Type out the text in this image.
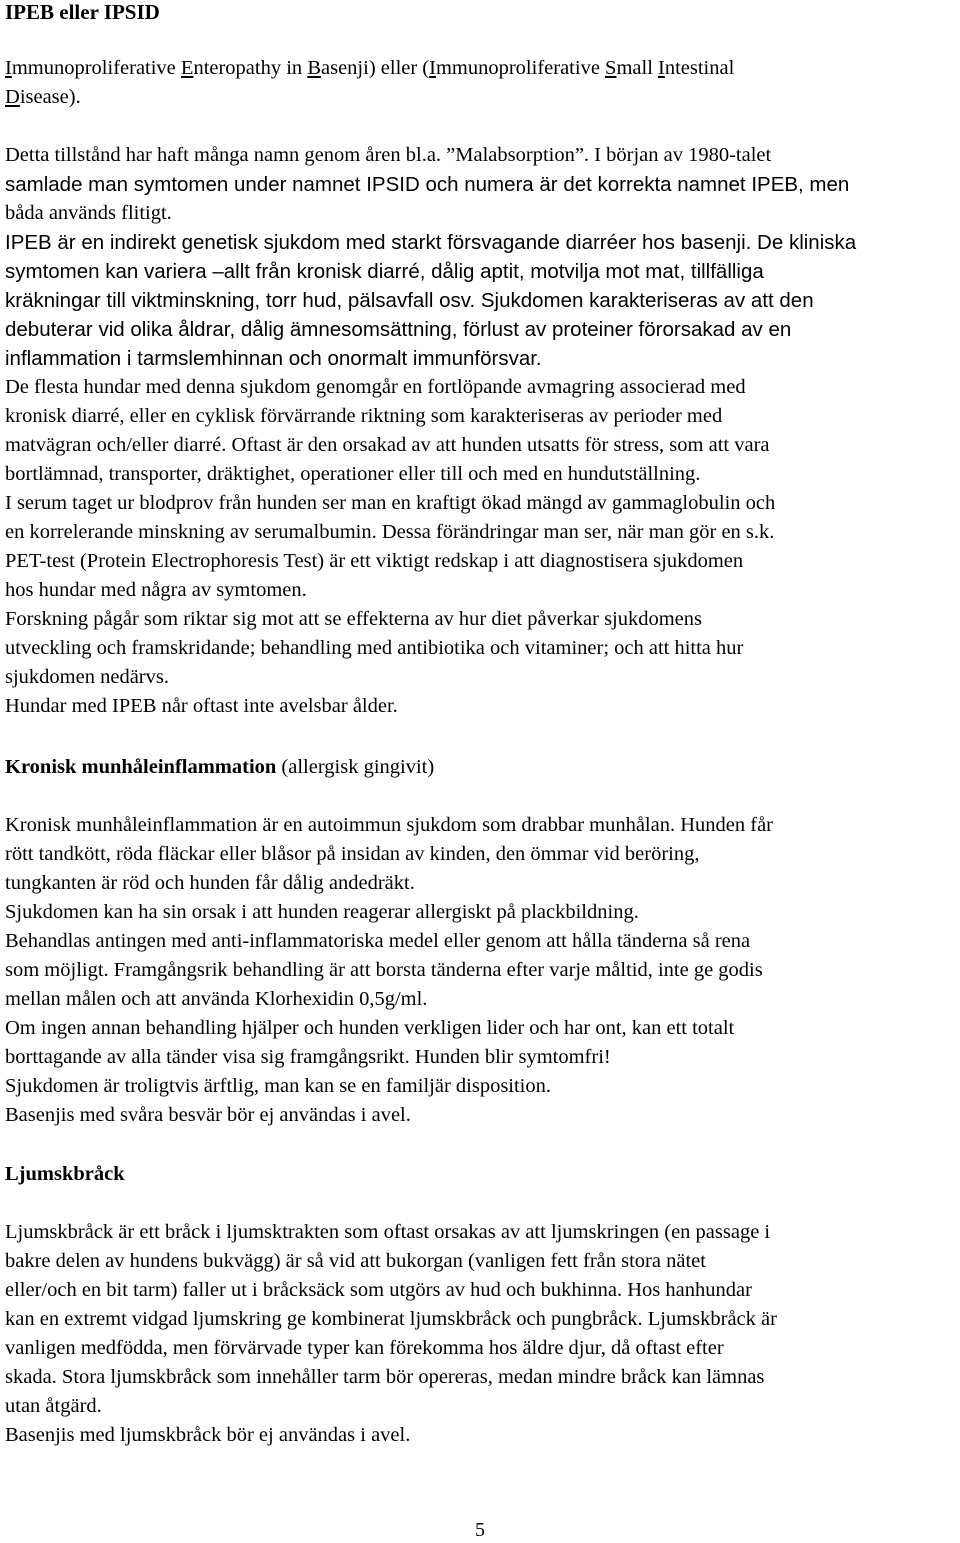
IPEB eller IPSID
Immunoproliferative Enteropathy in Basenji) eller (Immunoproliferative Small Intestinal
Disease).
Detta tillstånd har haft många namn genom åren bl.a. ”Malabsorption”. I början av 1980-talet
samlade man symtomen under namnet IPSID och numera är det korrekta namnet IPEB, men
båda används flitigt.
IPEB är en indirekt genetisk sjukdom med starkt försvagande diarréer hos basenji. De kliniska
symtomen kan variera –allt från kronisk diarré, dålig aptit, motvilja mot mat, tillfälliga
kräkningar till viktminskning, torr hud, pälsavfall osv. Sjukdomen karakteriseras av att den
debuterar vid olika åldrar, dålig ämnesomsättning, förlust av proteiner förorsakad av en
inflammation i tarmslemhinnan och onormalt immunförsvar.
De flesta hundar med denna sjukdom genomgår en fortlöpande avmagring associerad med
kronisk diarré, eller en cyklisk förvärrande riktning som karakteriseras av perioder med
matvägran och/eller diarré. Oftast är den orsakad av att hunden utsatts för stress, som att vara
bortlämnad, transporter, dräktighet, operationer eller till och med en hundutställning.
I serum taget ur blodprov från hunden ser man en kraftigt ökad mängd av gammaglobulin och
en korrelerande minskning av serumalbumin. Dessa förändringar man ser, när man gör en s.k.
PET-test (Protein Electrophoresis Test) är ett viktigt redskap i att diagnostisera sjukdomen
hos hundar med några av symtomen.
Forskning pågår som riktar sig mot att se effekterna av hur diet påverkar sjukdomens
utveckling och framskridande; behandling med antibiotika och vitaminer; och att hitta hur
sjukdomen nedärvs.
Hundar med IPEB når oftast inte avelsbar ålder.
Kronisk munhåleinflammation (allergisk gingivit)
Kronisk munhåleinflammation är en autoimmun sjukdom som drabbar munhålan. Hunden får
rött tandkött, röda fläckar eller blåsor på insidan av kinden, den ömmar vid beröring,
tungkanten är röd och hunden får dålig andedräkt.
Sjukdomen kan ha sin orsak i att hunden reagerar allergiskt på plackbildning.
Behandlas antingen med anti-inflammatoriska medel eller genom att hålla tänderna så rena
som möjligt. Framgångsrik behandling är att borsta tänderna efter varje måltid, inte ge godis
mellan målen och att använda Klorhexidin 0,5g/ml.
Om ingen annan behandling hjälper och hunden verkligen lider och har ont, kan ett totalt
borttagande av alla tänder visa sig framgångsrikt. Hunden blir symtomfri!
Sjukdomen är troligtvis ärftlig, man kan se en familjär disposition.
Basenjis med svåra besvär bör ej användas i avel.
Ljumskbråck
Ljumskbråck är ett bråck i ljumsktrakten som oftast orsakas av att ljumskringen (en passage i
bakre delen av hundens bukvägg) är så vid att bukorgan (vanligen fett från stora nätet
eller/och en bit tarm) faller ut i bråcksäck som utgörs av hud och bukhinna. Hos hanhundar
kan en extremt vidgad ljumskring ge kombinerat ljumskbråck och pungbråck. Ljumskbråck är
vanligen medfödda, men förvärvade typer kan förekomma hos äldre djur, då oftast efter
skada. Stora ljumskbråck som innehåller tarm bör opereras, medan mindre bråck kan lämnas
utan åtgärd.
Basenjis med ljumskbråck bör ej användas i avel.
5
